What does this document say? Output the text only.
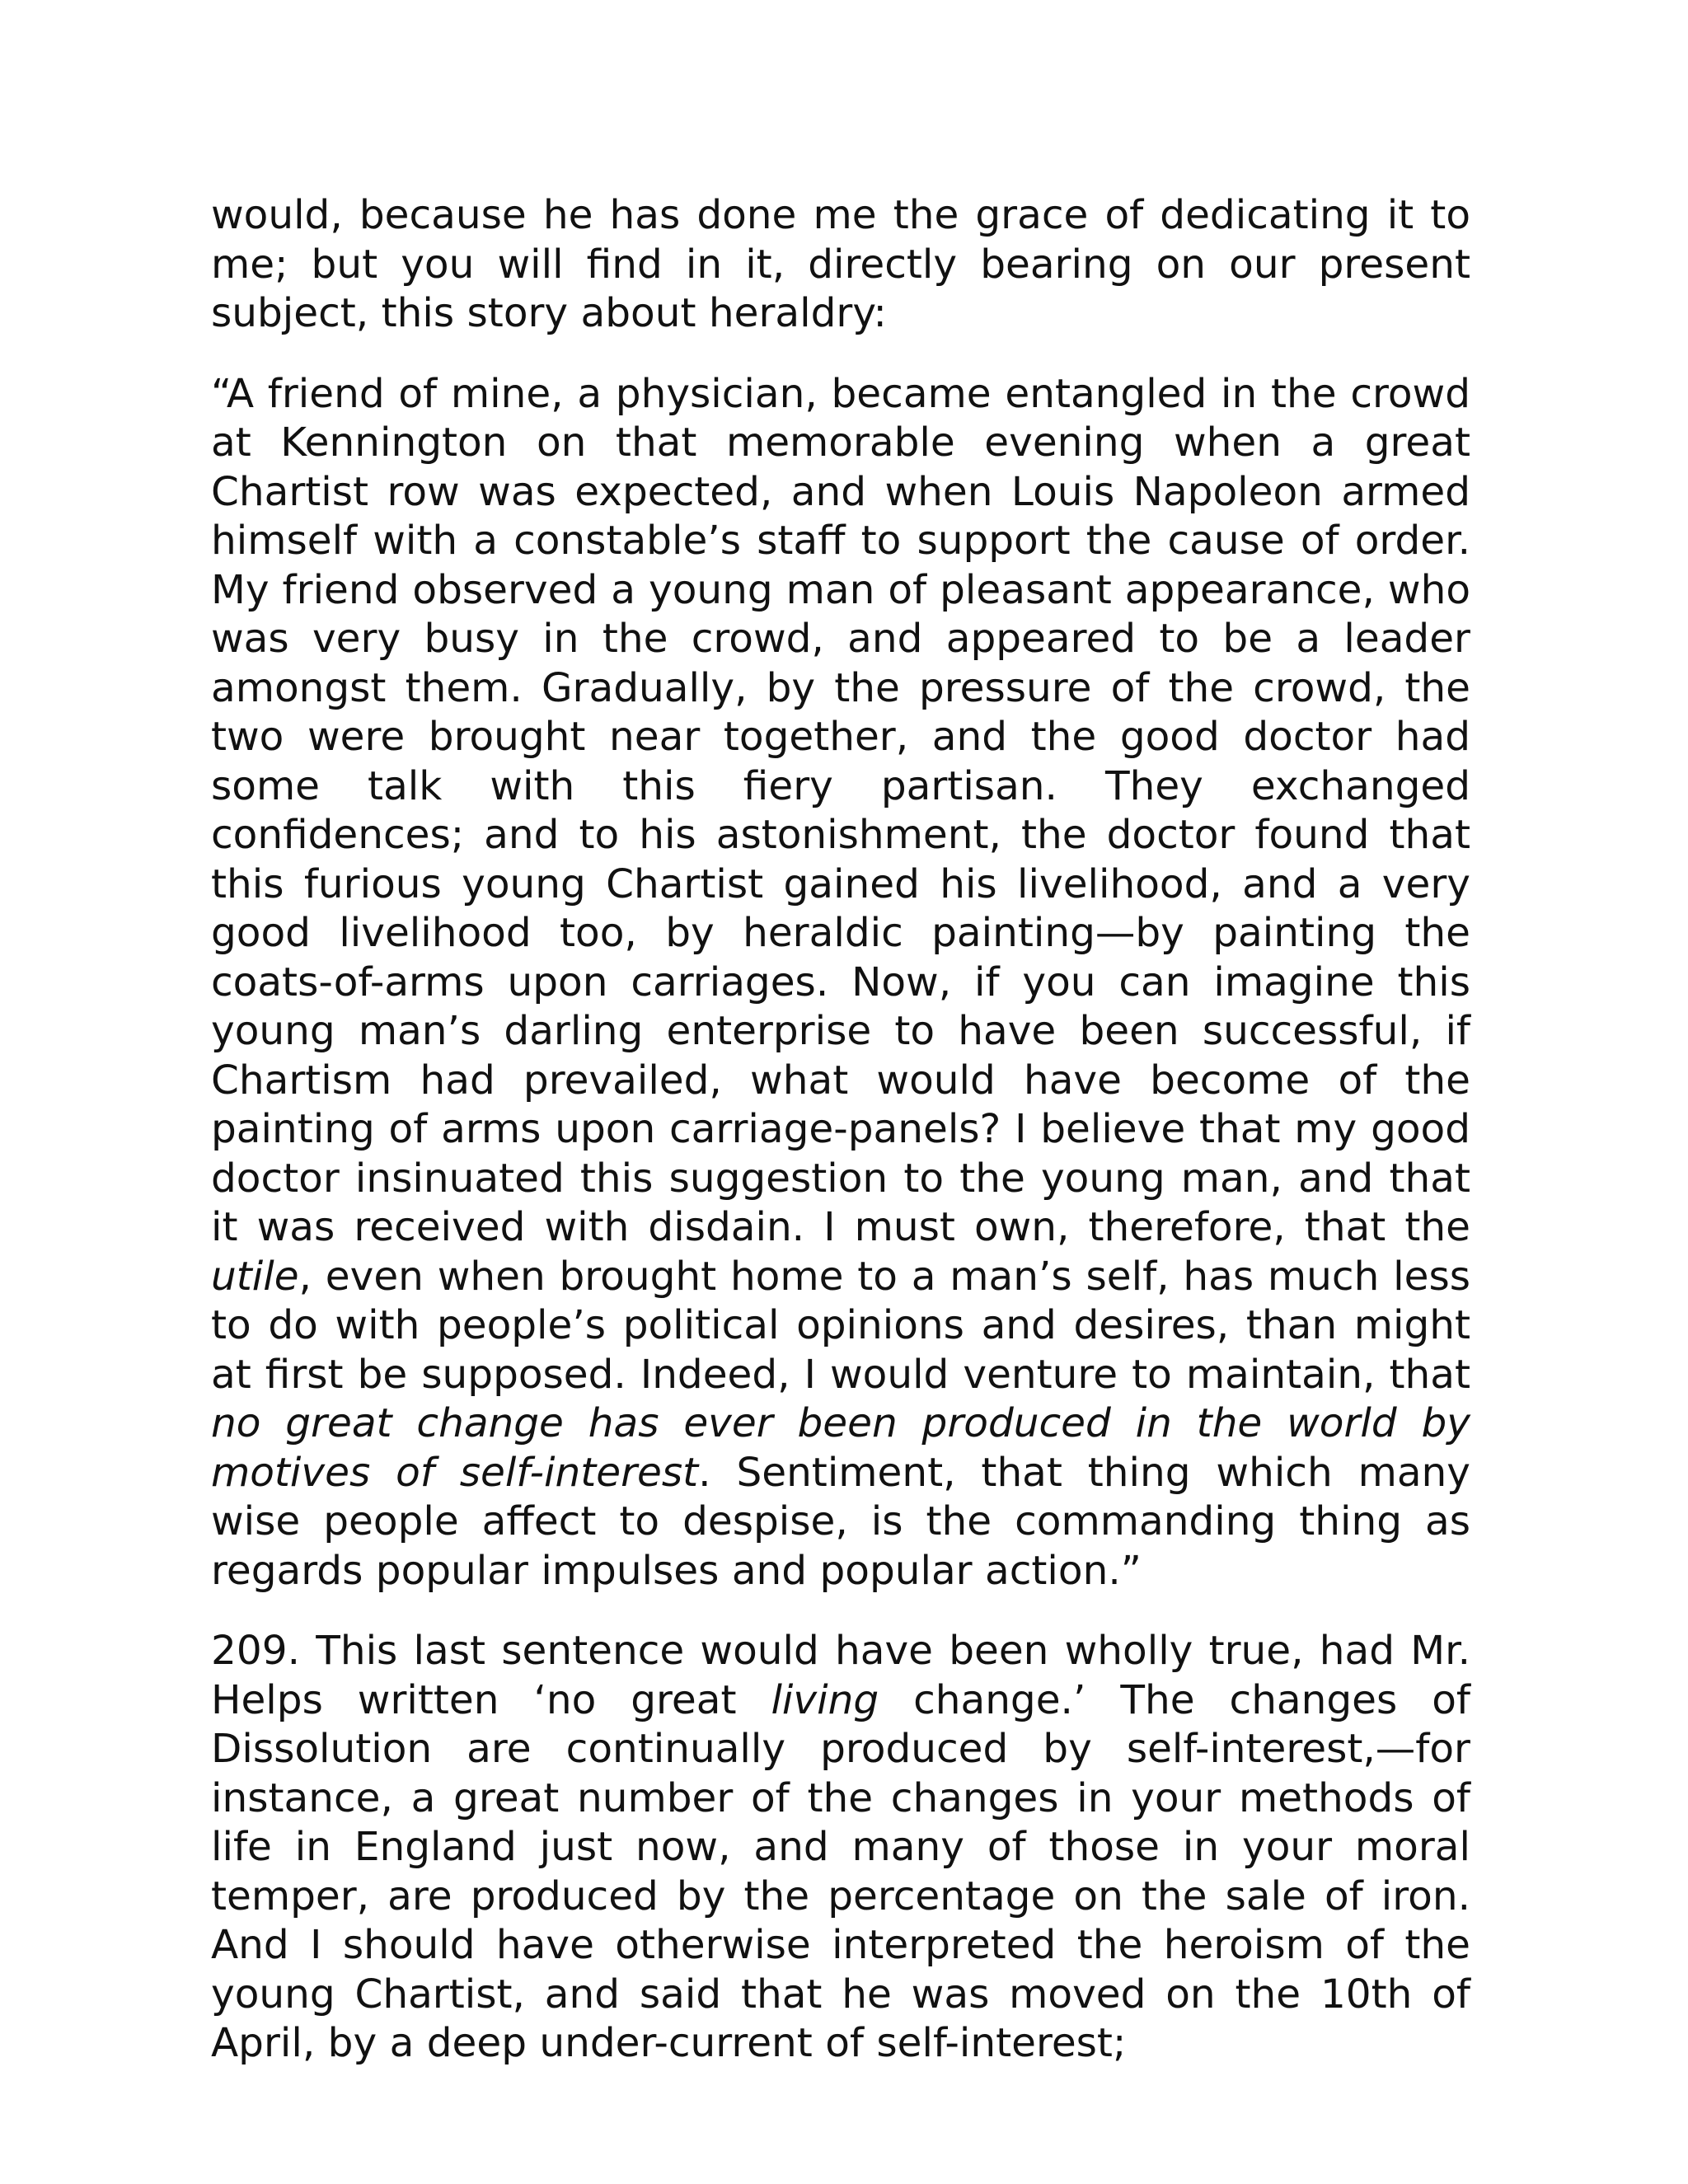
would, because he has done me the grace of dedicating it to me; but you will find in it, directly bearing on our present subject, this story about heraldry:

“A friend of mine, a physician, became entangled in the crowd at Kennington on that memorable evening when a great Chartist row was expected, and when Louis Napoleon armed himself with a constable’s staff to support the cause of order. My friend observed a young man of pleasant appearance, who was very busy in the crowd, and appeared to be a leader amongst them. Gradually, by the pressure of the crowd, the two were brought near together, and the good doctor had some talk with this fiery partisan. They exchanged confidences; and to his astonishment, the doctor found that this furious young Chartist gained his livelihood, and a very good livelihood too, by heraldic painting—by painting the coats-of-arms upon carriages. Now, if you can imagine this young man’s darling enterprise to have been successful, if Chartism had prevailed, what would have become of the painting of arms upon carriage-panels? I believe that my good doctor insinuated this suggestion to the young man, and that it was received with disdain. I must own, therefore, that the utile, even when brought home to a man’s self, has much less to do with people’s political opinions and desires, than might at first be supposed. Indeed, I would venture to maintain, that no great change has ever been produced in the world by motives of self-interest. Sentiment, that thing which many wise people affect to despise, is the commanding thing as regards popular impulses and popular action.”

209. This last sentence would have been wholly true, had Mr. Helps written ‘no great living change.’ The changes of Dissolution are continually produced by self-interest,—for instance, a great number of the changes in your methods of life in England just now, and many of those in your moral temper, are produced by the percentage on the sale of iron. And I should have otherwise interpreted the heroism of the young Chartist, and said that he was moved on the 10th of April, by a deep under-current of self-interest;
